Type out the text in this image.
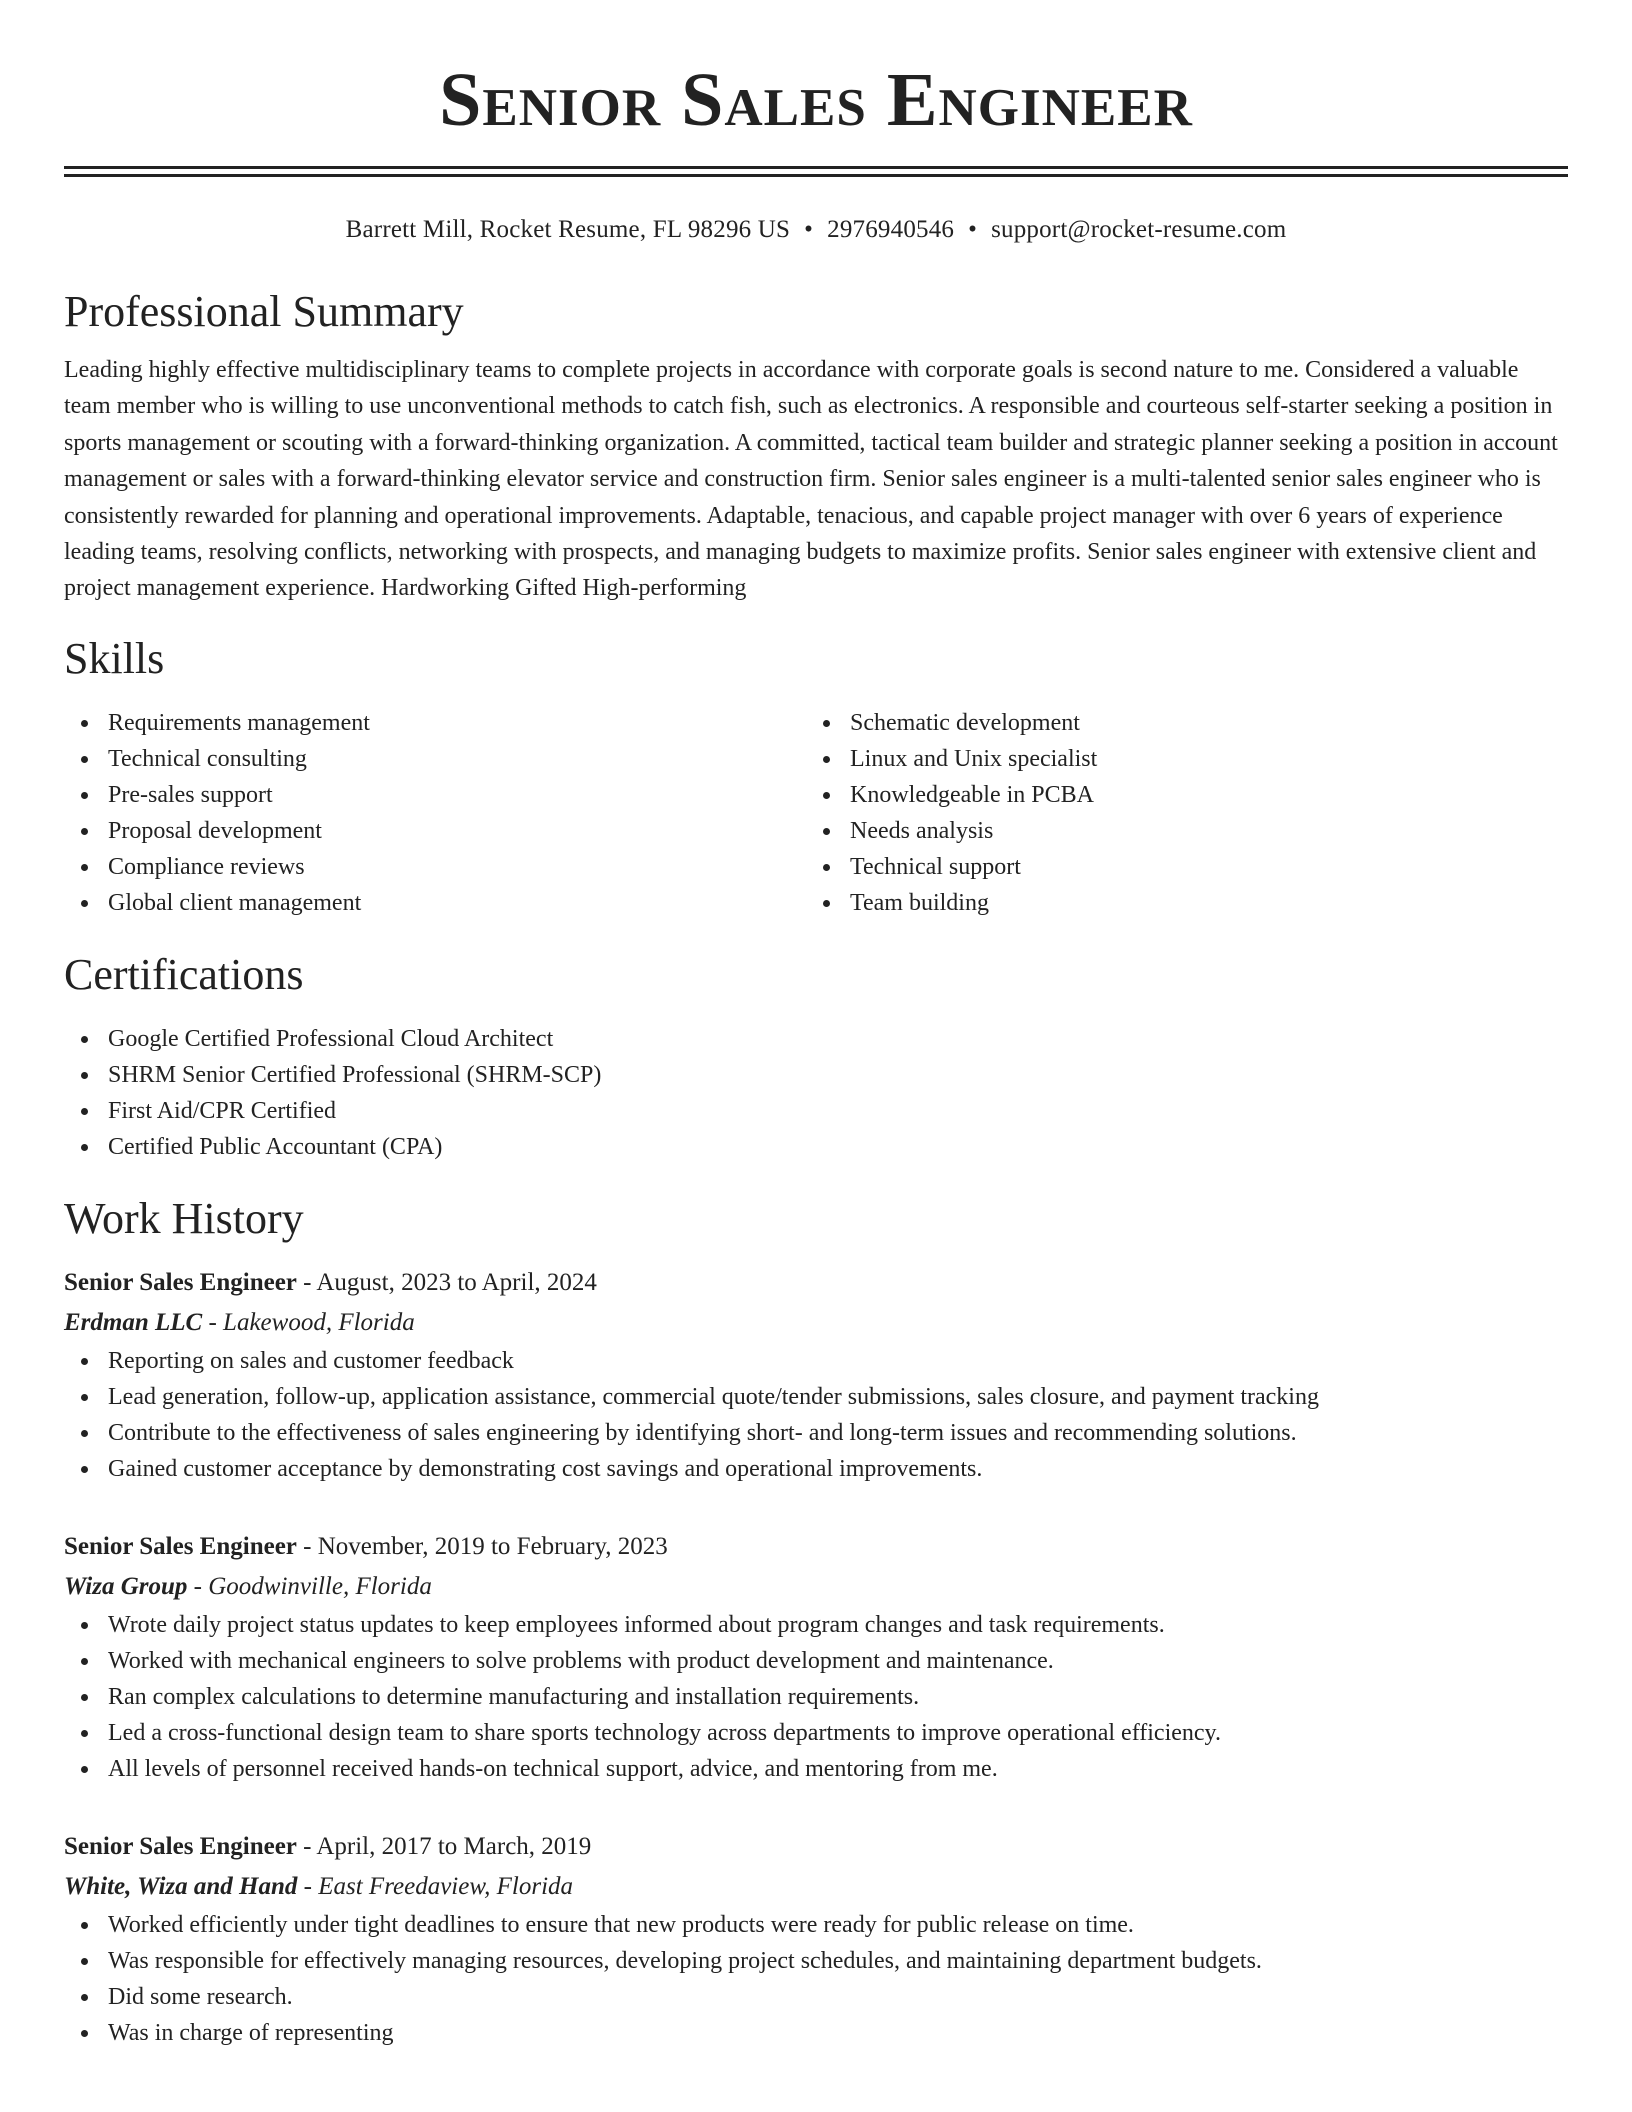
Senior Sales Engineer
Barrett Mill, Rocket Resume, FL 98296 US • 2976940546 • support@rocket-resume.com
Professional Summary

Leading highly effective multidisciplinary teams to complete projects in accordance with corporate goals is second nature to me. Considered a valuable team member who is willing to use unconventional methods to catch fish, such as electronics. A responsible and courteous self-starter seeking a position in sports management or scouting with a forward-thinking organization. A committed, tactical team builder and strategic planner seeking a position in account management or sales with a forward-thinking elevator service and construction firm. Senior sales engineer is a multi-talented senior sales engineer who is consistently rewarded for planning and operational improvements. Adaptable, tenacious, and capable project manager with over 6 years of experience leading teams, resolving conflicts, networking with prospects, and managing budgets to maximize profits. Senior sales engineer with extensive client and project management experience. Hardworking Gifted High-performing

Skills
Requirements management
Technical consulting
Pre-sales support
Proposal development
Compliance reviews
Global client management
Schematic development
Linux and Unix specialist
Knowledgeable in PCBA
Needs analysis
Technical support
Team building
Certifications
Google Certified Professional Cloud Architect
SHRM Senior Certified Professional (SHRM-SCP)
First Aid/CPR Certified
Certified Public Accountant (CPA)
Work History
Senior Sales Engineer - August, 2023 to April, 2024
Erdman LLC - Lakewood, Florida
Reporting on sales and customer feedback
Lead generation, follow-up, application assistance, commercial quote/tender submissions, sales closure, and payment tracking
Contribute to the effectiveness of sales engineering by identifying short- and long-term issues and recommending solutions.
Gained customer acceptance by demonstrating cost savings and operational improvements.
Senior Sales Engineer - November, 2019 to February, 2023
Wiza Group - Goodwinville, Florida
Wrote daily project status updates to keep employees informed about program changes and task requirements.
Worked with mechanical engineers to solve problems with product development and maintenance.
Ran complex calculations to determine manufacturing and installation requirements.
Led a cross-functional design team to share sports technology across departments to improve operational efficiency.
All levels of personnel received hands-on technical support, advice, and mentoring from me.
Senior Sales Engineer - April, 2017 to March, 2019
White, Wiza and Hand - East Freedaview, Florida
Worked efficiently under tight deadlines to ensure that new products were ready for public release on time.
Was responsible for effectively managing resources, developing project schedules, and maintaining department budgets.
Did some research.
Was in charge of representing
